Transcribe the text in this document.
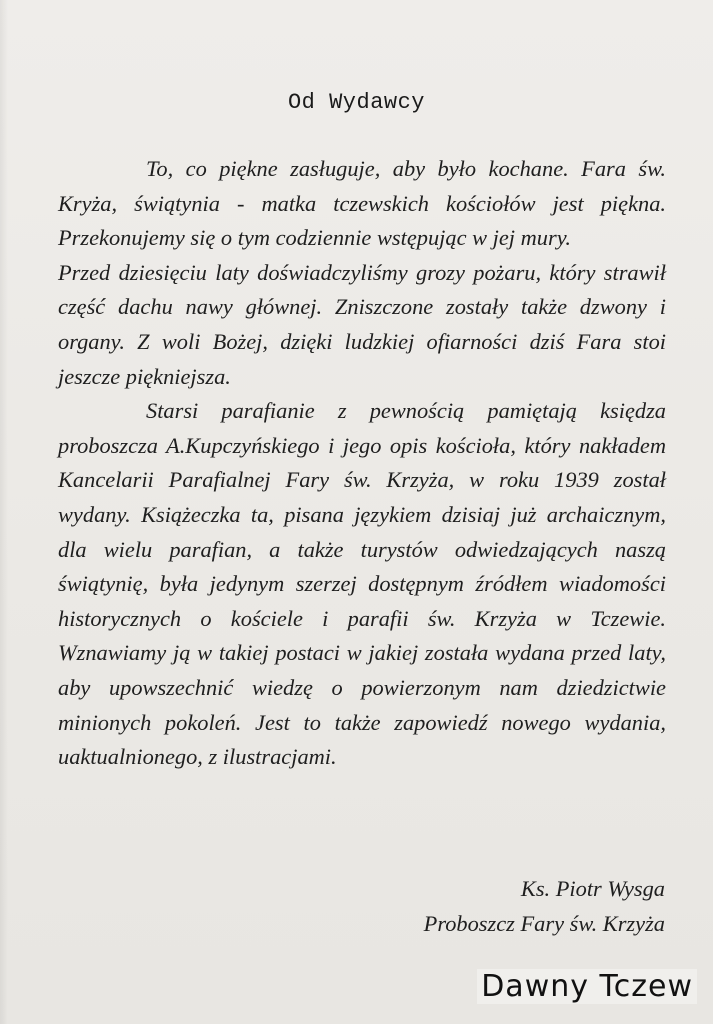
Od Wydawcy

To, co piękne zasługuje, aby było kochane. Fara św. Kryża, świątynia - matka tczewskich kościołów jest piękna. Przekonujemy się o tym codziennie wstępując w jej mury.

Przed dziesięciu laty doświadczyliśmy grozy pożaru, który strawił część dachu nawy głównej. Zniszczone zostały także dzwony i organy. Z woli Bożej, dzięki ludzkiej ofiarności dziś Fara stoi jeszcze piękniejsza.

Starsi parafianie z pewnością pamiętają księdza proboszcza A.Kupczyńskiego i jego opis kościoła, który nakładem Kancelarii Parafialnej Fary św. Krzyża, w roku 1939 został wydany. Książeczka ta, pisana językiem dzisiaj już archaicznym, dla wielu parafian, a także turystów odwiedzających naszą świątynię, była jedynym szerzej dostępnym źródłem wiadomości historycznych o kościele i parafii św. Krzyża w Tczewie. Wznawiamy ją w takiej postaci w jakiej została wydana przed laty, aby upowszechnić wiedzę o powierzonym nam dziedzictwie minionych pokoleń. Jest to także zapowiedź nowego wydania, uaktualnionego, z ilustracjami.

Ks. Piotr Wysga
Proboszcz Fary św. Krzyża
Dawny Tczew
